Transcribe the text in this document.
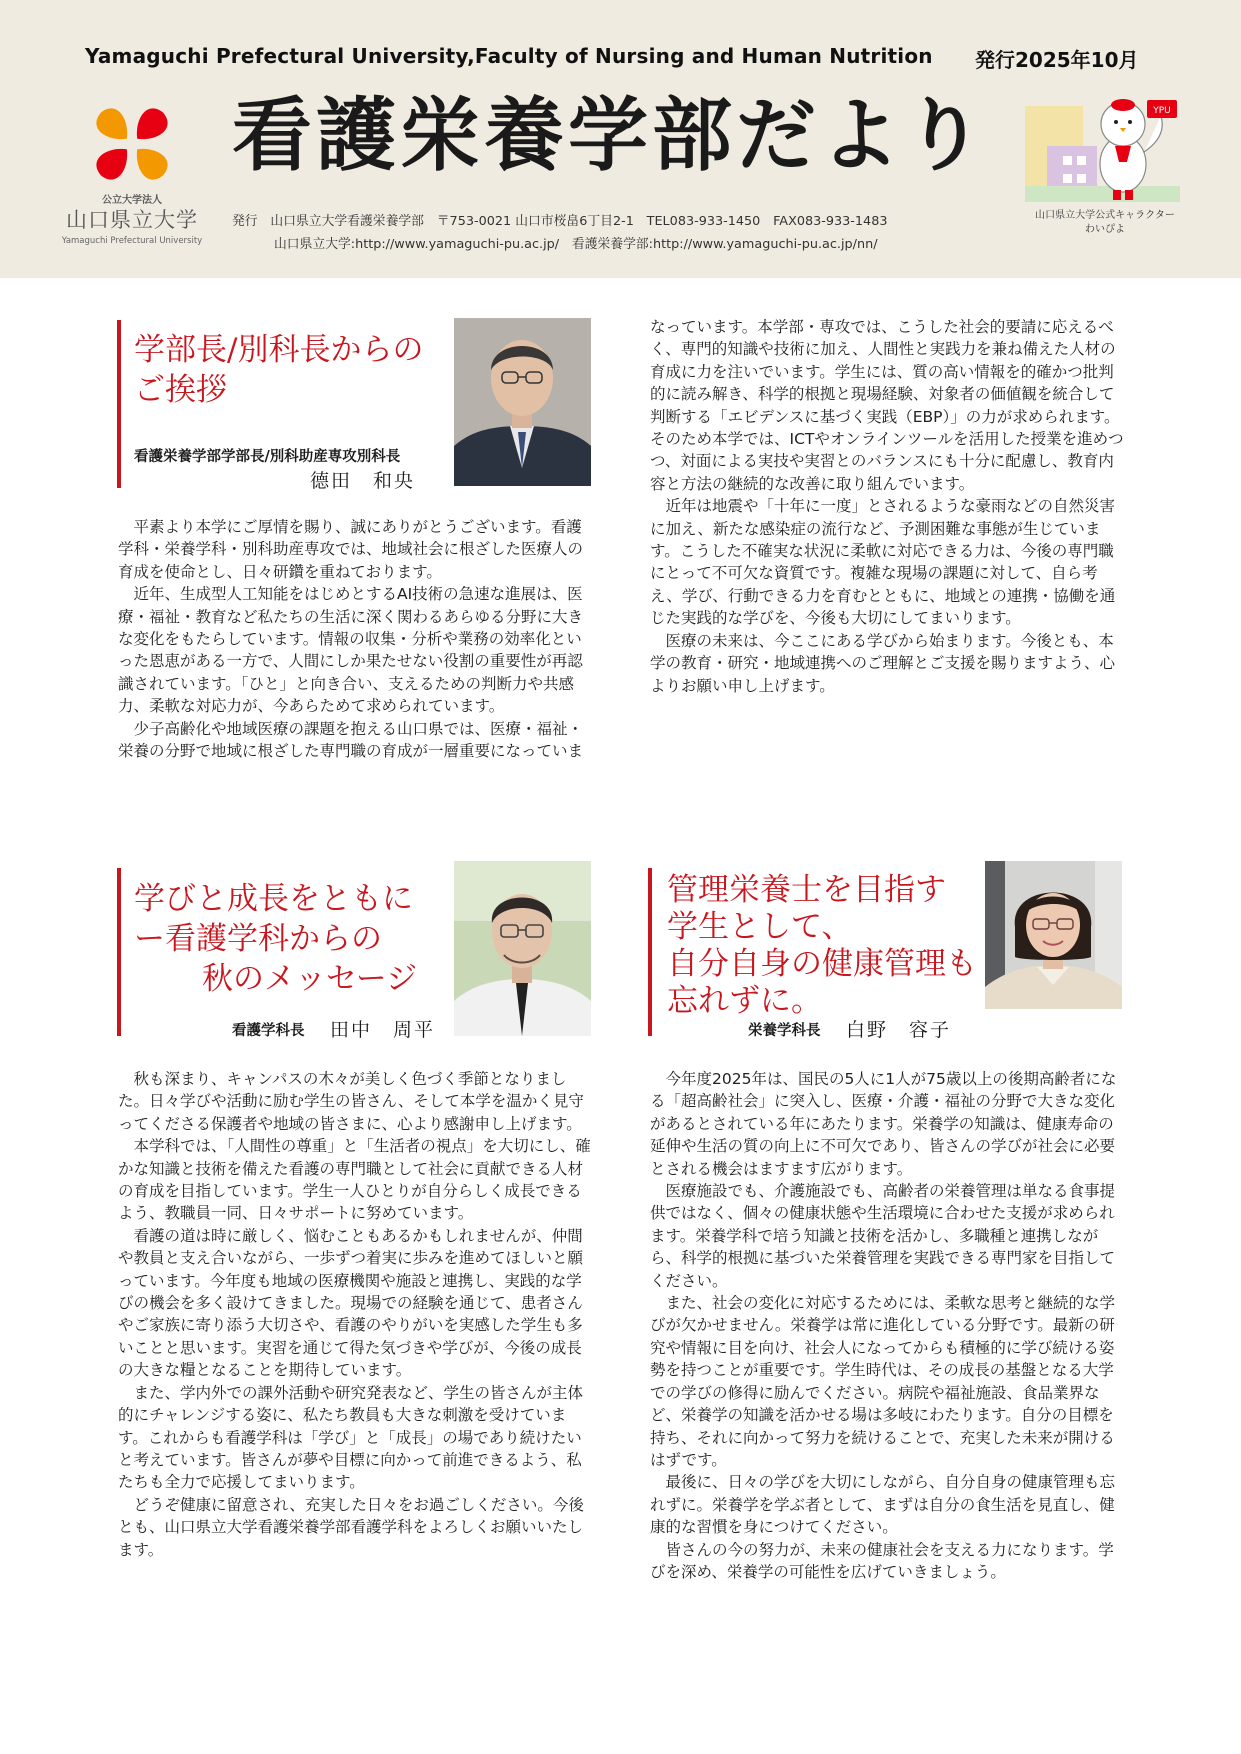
Yamaguchi Prefectural University,Faculty of Nursing and Human Nutrition 発行2025年10月
公立大学法人
山口県立大学
Yamaguchi Prefectural University
看護栄養学部だより
発行　山口県立大学看護栄養学部　〒753-0021 山口市桜畠6丁目2-1　TEL083-933-1450　FAX083-933-1483
山口県立大学:http://www.yamaguchi-pu.ac.jp/　看護栄養学部:http://www.yamaguchi-pu.ac.jp/nn/
YPU
山口県立大学公式キャラクター
わいぴよ
学部長/別科長からの
ご挨拶
看護栄養学部学部長/別科助産専攻別科長
德田　和央

平素より本学にご厚情を賜り、誠にありがとうございます。看護学科・栄養学科・別科助産専攻では、地域社会に根ざした医療人の育成を使命とし、日々研鑽を重ねております。

近年、生成型人工知能をはじめとするAI技術の急速な進展は、医療・福祉・教育など私たちの生活に深く関わるあらゆる分野に大きな変化をもたらしています。情報の収集・分析や業務の効率化といった恩恵がある一方で、人間にしか果たせない役割の重要性が再認識されています。「ひと」と向き合い、支えるための判断力や共感力、柔軟な対応力が、今あらためて求められています。

少子高齢化や地域医療の課題を抱える山口県では、医療・福祉・栄養の分野で地域に根ざした専門職の育成が一層重要になっていま

なっています。本学部・専攻では、こうした社会的要請に応えるべく、専門的知識や技術に加え、人間性と実践力を兼ね備えた人材の育成に力を注いでいます。学生には、質の高い情報を的確かつ批判的に読み解き、科学的根拠と現場経験、対象者の価値観を統合して判断する「エビデンスに基づく実践（EBP）」の力が求められます。そのため本学では、ICTやオンラインツールを活用した授業を進めつつ、対面による実技や実習とのバランスにも十分に配慮し、教育内容と方法の継続的な改善に取り組んでいます。

近年は地震や「十年に一度」とされるような豪雨などの自然災害に加え、新たな感染症の流行など、予測困難な事態が生じています。こうした不確実な状況に柔軟に対応できる力は、今後の専門職にとって不可欠な資質です。複雑な現場の課題に対して、自ら考え、学び、行動できる力を育むとともに、地域との連携・協働を通じた実践的な学びを、今後も大切にしてまいります。

医療の未来は、今ここにある学びから始まります。今後とも、本学の教育・研究・地域連携へのご理解とご支援を賜りますよう、心よりお願い申し上げます。

学びと成長をともに
ー看護学科からの
秋のメッセージ
看護学科長 田中　周平

秋も深まり、キャンパスの木々が美しく色づく季節となりました。日々学びや活動に励む学生の皆さん、そして本学を温かく見守ってくださる保護者や地域の皆さまに、心より感謝申し上げます。

本学科では、「人間性の尊重」と「生活者の視点」を大切にし、確かな知識と技術を備えた看護の専門職として社会に貢献できる人材の育成を目指しています。学生一人ひとりが自分らしく成長できるよう、教職員一同、日々サポートに努めています。

看護の道は時に厳しく、悩むこともあるかもしれませんが、仲間や教員と支え合いながら、一歩ずつ着実に歩みを進めてほしいと願っています。今年度も地域の医療機関や施設と連携し、実践的な学びの機会を多く設けてきました。現場での経験を通じて、患者さんやご家族に寄り添う大切さや、看護のやりがいを実感した学生も多いことと思います。実習を通じて得た気づきや学びが、今後の成長の大きな糧となることを期待しています。

また、学内外での課外活動や研究発表など、学生の皆さんが主体的にチャレンジする姿に、私たち教員も大きな刺激を受けています。これからも看護学科は「学び」と「成長」の場であり続けたいと考えています。皆さんが夢や目標に向かって前進できるよう、私たちも全力で応援してまいります。

どうぞ健康に留意され、充実した日々をお過ごしください。今後とも、山口県立大学看護栄養学部看護学科をよろしくお願いいたします。

管理栄養士を目指す
学生として、
自分自身の健康管理も
忘れずに。
栄養学科長 白野　容子

今年度2025年は、国民の5人に1人が75歳以上の後期高齢者になる「超高齢社会」に突入し、医療・介護・福祉の分野で大きな変化があるとされている年にあたります。栄養学の知識は、健康寿命の延伸や生活の質の向上に不可欠であり、皆さんの学びが社会に必要とされる機会はますます広がります。

医療施設でも、介護施設でも、高齢者の栄養管理は単なる食事提供ではなく、個々の健康状態や生活環境に合わせた支援が求められます。栄養学科で培う知識と技術を活かし、多職種と連携しながら、科学的根拠に基づいた栄養管理を実践できる専門家を目指してください。

また、社会の変化に対応するためには、柔軟な思考と継続的な学びが欠かせません。栄養学は常に進化している分野です。最新の研究や情報に目を向け、社会人になってからも積極的に学び続ける姿勢を持つことが重要です。学生時代は、その成長の基盤となる大学での学びの修得に励んでください。病院や福祉施設、食品業界など、栄養学の知識を活かせる場は多岐にわたります。自分の目標を持ち、それに向かって努力を続けることで、充実した未来が開けるはずです。

最後に、日々の学びを大切にしながら、自分自身の健康管理も忘れずに。栄養学を学ぶ者として、まずは自分の食生活を見直し、健康的な習慣を身につけてください。

皆さんの今の努力が、未来の健康社会を支える力になります。学びを深め、栄養学の可能性を広げていきましょう。
